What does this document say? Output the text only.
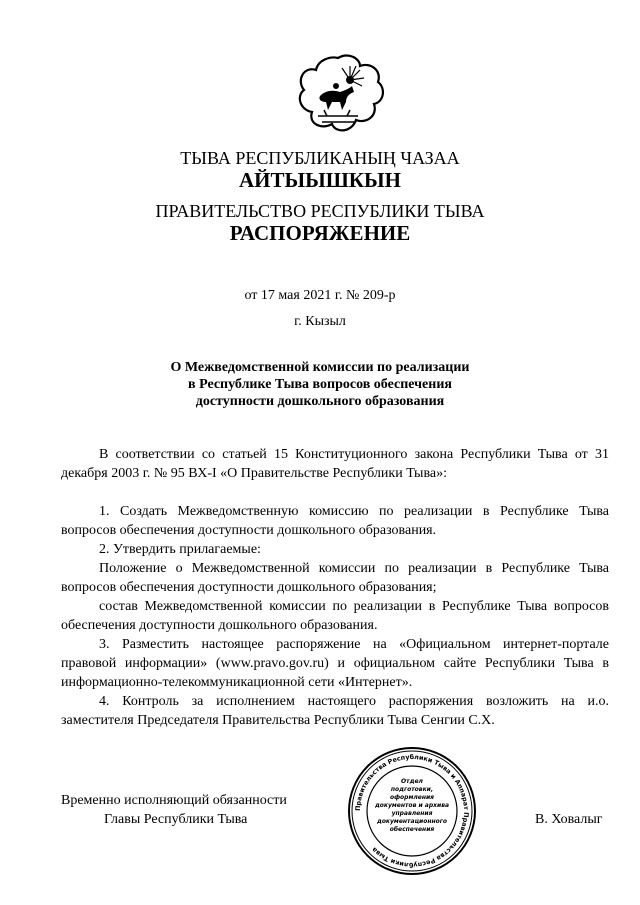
ТЫВА РЕСПУБЛИКАНЫҢ ЧАЗАА
АЙТЫЫШКЫН
ПРАВИТЕЛЬСТВО РЕСПУБЛИКИ ТЫВА
РАСПОРЯЖЕНИЕ
от 17 мая 2021 г. № 209-р
г. Кызыл
О Межведомственной комиссии по реализации
в Республике Тыва вопросов обеспечения
доступности дошкольного образования

В соответствии со статьей 15 Конституционного закона Республики Тыва от 31 декабря 2003 г. № 95 ВХ-I «О Правительстве Республики Тыва»:

1. Создать Межведомственную комиссию по реализации в Республике Тыва вопросов обеспечения доступности дошкольного образования.

2. Утвердить прилагаемые:

Положение о Межведомственной комиссии по реализации в Республике Тыва вопросов обеспечения доступности дошкольного образования;

состав Межведомственной комиссии по реализации в Республике Тыва вопросов обеспечения доступности дошкольного образования.

3. Разместить настоящее распоряжение на «Официальном интернет-портале правовой информации» (www.pravo.gov.ru) и официальном сайте Республики Тыва в информационно-телекоммуникационной сети «Интернет».

4. Контроль за исполнением настоящего распоряжения возложить на и.о. заместителя Председателя Правительства Республики Тыва Сенгии С.Х.

Временно исполняющий обязанности
Главы Республики Тыва	В. Ховалыг
Правительства Республики Тыва и Аппарат Правительства Республики Тыва
Отдел
подготовки,
оформления
документов и архива
управления
документационного
обеспечения
